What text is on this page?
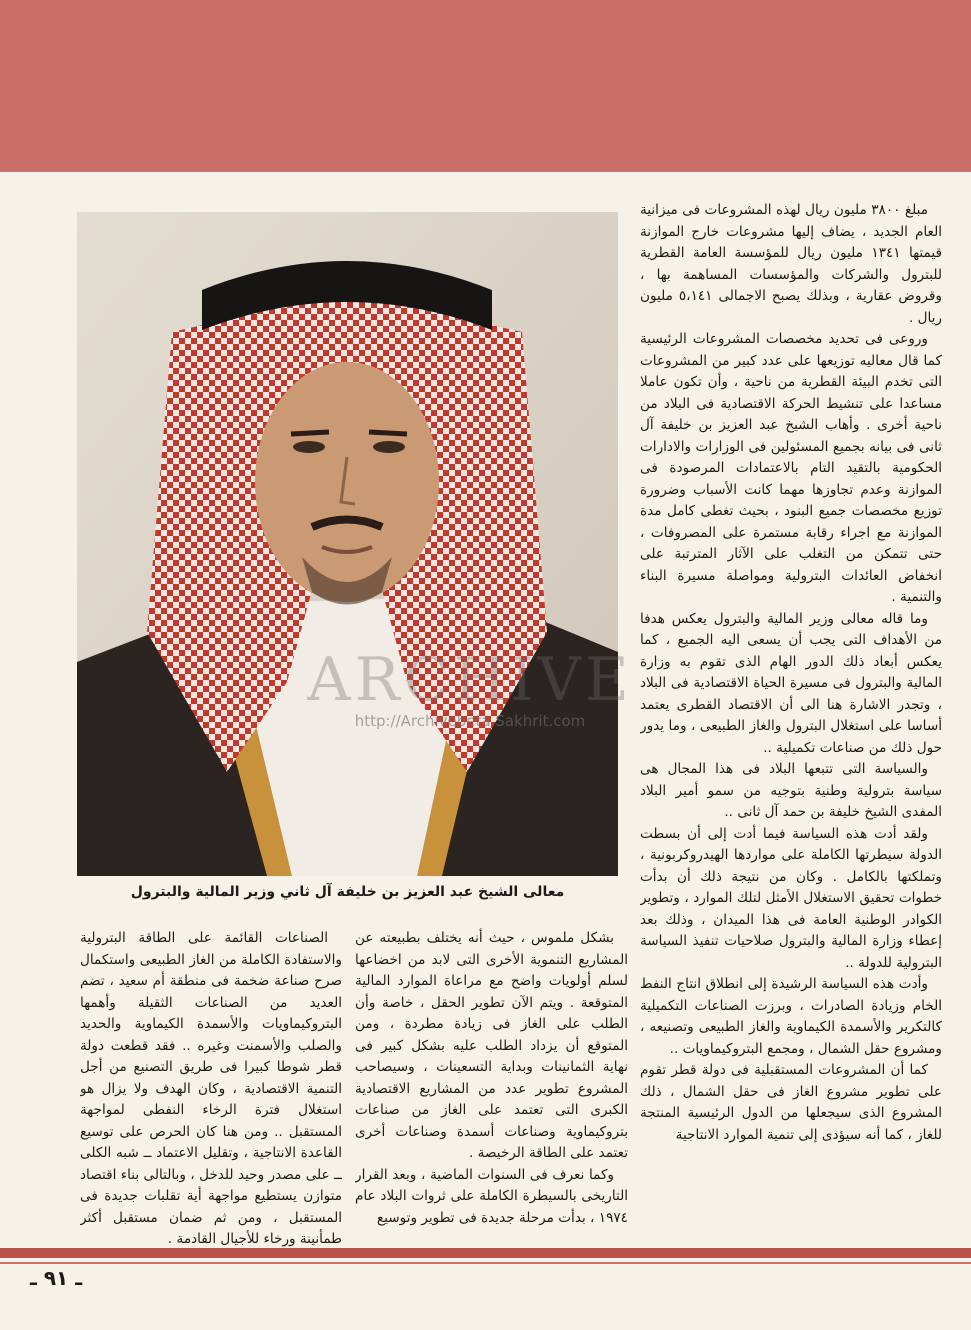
مبلغ ٣٨٠٠ مليون ريال لهذه المشروعات فى ميزانية العام الجديد ، يضاف إليها مشروعات خارج الموازنة قيمتها ١٣٤١ مليون ريال للمؤسسة العامة القطرية للبترول والشركات والمؤسسات المساهمة بها ، وقروض عقارية ، وبذلك يصبح الاجمالى ٥،١٤١ مليون ريال .

وروعى فى تحديد مخصصات المشروعات الرئيسية كما قال معاليه توزيعها على عدد كبير من المشروعات التى تخدم البيئة القطرية من ناحية ، وأن تكون عاملا مساعدا على تنشيط الحركة الاقتصادية فى البلاد من ناحية أخرى . وأهاب الشيخ عبد العزيز بن خليفة آل ثانى فى بيانه بجميع المسئولين فى الوزارات والادارات الحكومية بالتقيد التام بالاعتمادات المرصودة فى الموازنة وعدم تجاوزها مهما كانت الأسباب وضرورة توزيع مخصصات جميع البنود ، بحيث تغطى كامل مدة الموازنة مع اجراء رقابة مستمرة على المصروفات ، حتى تتمكن من التغلب على الآثار المترتبة على انخفاض العائدات البترولية ومواصلة مسيرة البناء والتنمية .

وما قاله معالى وزير المالية والبترول يعكس هدفا من الأهداف التى يجب أن يسعى اليه الجميع ، كما يعكس أبعاد ذلك الدور الهام الذى تقوم به وزارة المالية والبترول فى مسيرة الحياة الاقتصادية فى البلاد ، وتجدر الاشارة هنا الى أن الاقتصاد القطرى يعتمد أساسا على استغلال البترول والغاز الطبيعى ، وما يدور حول ذلك من صناعات تكميلية ..

والسياسة التى تتبعها البلاد فى هذا المجال هى سياسة بترولية وطنية بتوجيه من سمو أمير البلاد المفدى الشيخ خليفة بن حمد آل ثانى ..

ولقد أدت هذه السياسة فيما أدت إلى أن بسطت الدولة سيطرتها الكاملة على مواردها الهيدروكربونية ، وتملكتها بالكامل . وكان من نتيجة ذلك أن بدأت خطوات تحقيق الاستغلال الأمثل لتلك الموارد ، وتطوير الكوادر الوطنية العامة فى هذا الميدان ، وذلك بعد إعطاء وزارة المالية والبترول صلاحيات تنفيذ السياسة البترولية للدولة ..

وأدت هذه السياسة الرشيدة إلى انطلاق انتاج النفط الخام وزيادة الصادرات ، وبرزت الصناعات التكميلية كالتكرير والأسمدة الكيماوية والغاز الطبيعى وتصنيعه ، ومشروع حقل الشمال ، ومجمع البتروكيماويات ..

كما أن المشروعات المستقبلية فى دولة قطر تقوم على تطوير مشروع الغاز فى حقل الشمال ، ذلك المشروع الذى سيجعلها من الدول الرئيسية المنتجة للغاز ، كما أنه سيؤدى إلى تنمية الموارد الانتاجية

ARCHIVE
http://Archivebeta.Sakhrit.com
معالى الشيخ عبد العزيز بن خليفة آل ثاني وزير المالية والبترول

بشكل ملموس ، حيث أنه يختلف بطبيعته عن المشاريع التنموية الأخرى التى لابد من اخضاعها لسلم أولويات واضح مع مراعاة الموارد المالية المتوقعة . ويتم الآن تطوير الحقل ، خاصة وأن الطلب على الغاز فى زيادة مطردة ، ومن المتوقع أن يزداد الطلب عليه بشكل كبير فى نهاية الثمانينات وبداية التسعينات ، وسيصاحب المشروع تطوير عدد من المشاريع الاقتصادية الكبرى التى تعتمد على الغاز من صناعات بتروكيماوية وصناعات أسمدة وصناعات أخرى تعتمد على الطاقة الرخيصة .

وكما نعرف فى السنوات الماضية ، وبعد القرار التاريخى بالسيطرة الكاملة على ثروات البلاد عام ١٩٧٤ ، بدأت مرحلة جديدة فى تطوير وتوسيع

الصناعات القائمة على الطاقة البترولية والاستفادة الكاملة من الغاز الطبيعى واستكمال صرح صناعة ضخمة فى منطقة أم سعيد ، تضم العديد من الصناعات الثقيلة وأهمها البتروكيماويات والأسمدة الكيماوية والحديد والصلب والأسمنت وغيره .. فقد قطعت دولة قطر شوطا كبيرا فى طريق التصنيع من أجل التنمية الاقتصادية ، وكان الهدف ولا يزال هو استغلال فترة الرخاء النفطى لمواجهة المستقبل .. ومن هنا كان الحرص على توسيع القاعدة الانتاجية ، وتقليل الاعتماد ــ شبه الكلى ــ على مصدر وحيد للدخل ، وبالتالى بناء اقتصاد متوازن يستطيع مواجهة أية تقلبات جديدة فى المستقبل ، ومن ثم ضمان مستقبل أكثر طمأنينة ورخاء للأجيال القادمة .

ـ ٩١ ـ
